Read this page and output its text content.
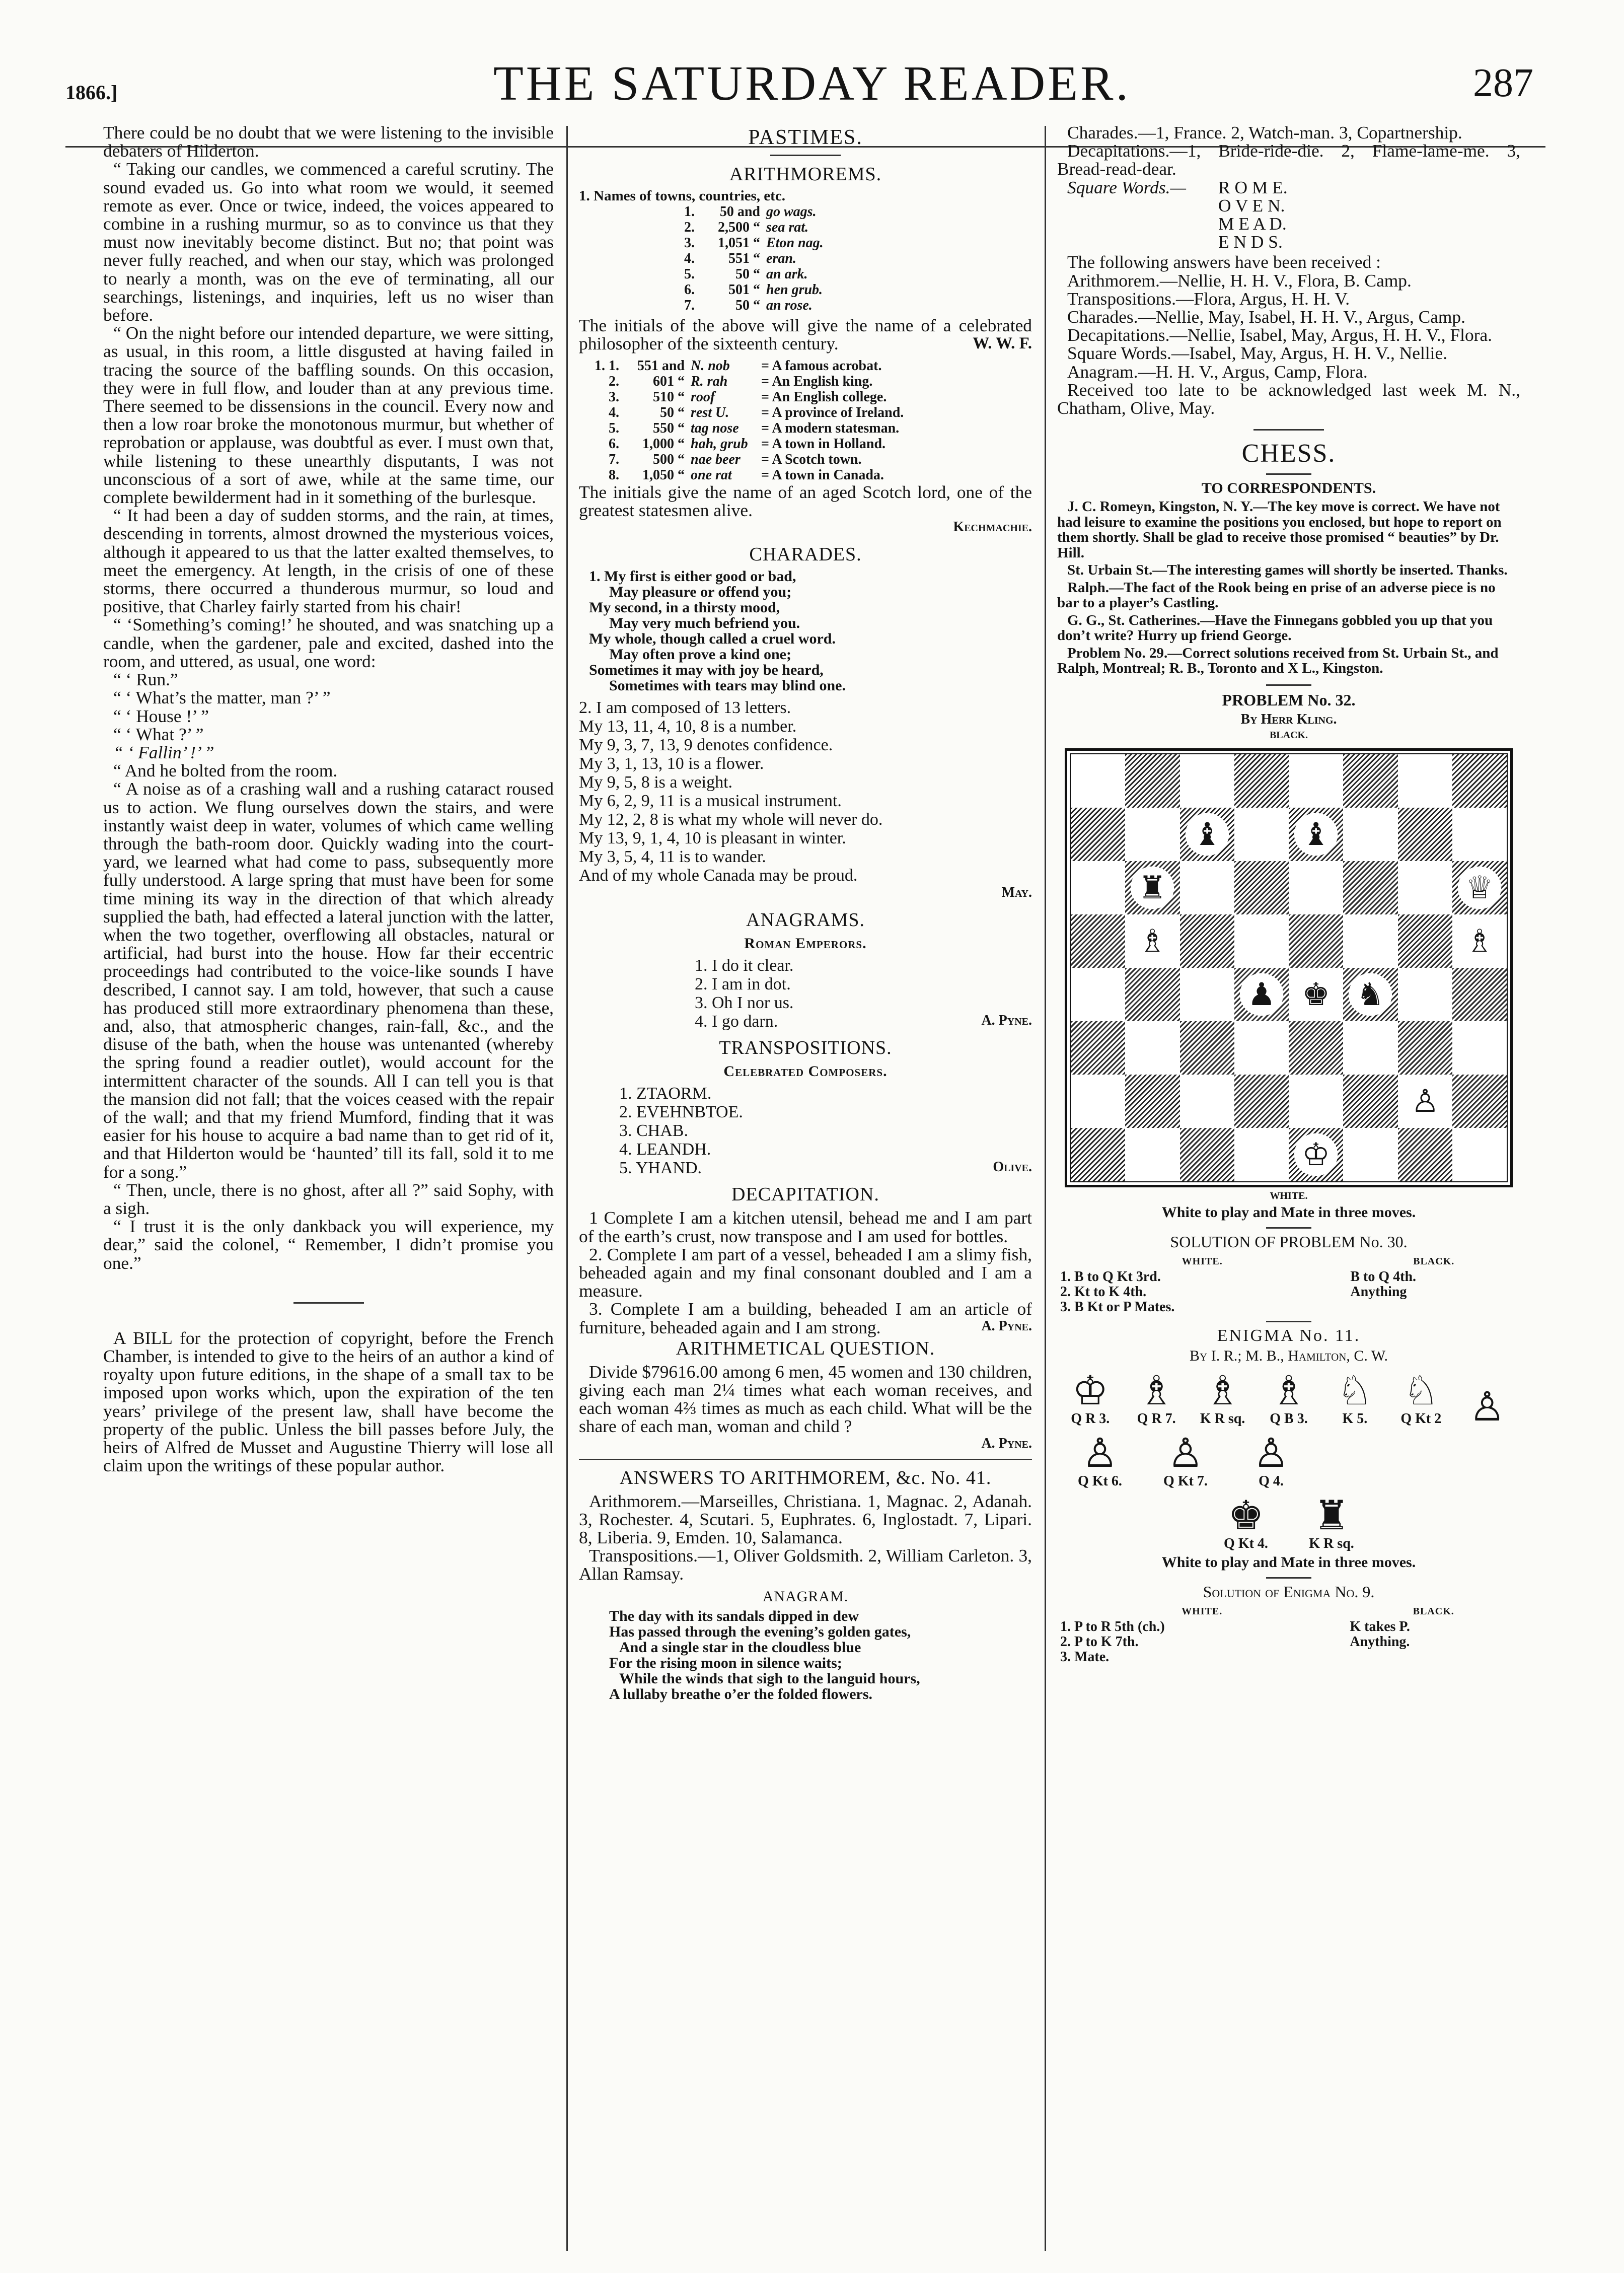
1866.]	THE SATURDAY READER.	287

There could be no doubt that we were listening to the invisible debaters of Hilderton.

“ Taking our candles, we commenced a careful scrutiny. The sound evaded us. Go into what room we would, it seemed remote as ever. Once or twice, indeed, the voices appeared to combine in a rushing murmur, so as to convince us that they must now inevitably become distinct. But no; that point was never fully reached, and when our stay, which was prolonged to nearly a month, was on the eve of terminating, all our searchings, listenings, and inquiries, left us no wiser than before.

“ On the night before our intended departure, we were sitting, as usual, in this room, a little disgusted at having failed in tracing the source of the baffling sounds. On this occasion, they were in full flow, and louder than at any previous time. There seemed to be dissensions in the council. Every now and then a low roar broke the monotonous murmur, but whether of reprobation or applause, was doubtful as ever. I must own that, while listening to these unearthly disputants, I was not unconscious of a sort of awe, while at the same time, our complete bewilderment had in it something of the burlesque.

“ It had been a day of sudden storms, and the rain, at times, descending in torrents, almost drowned the mysterious voices, although it appeared to us that the latter exalted themselves, to meet the emergency. At length, in the crisis of one of these storms, there occurred a thunderous murmur, so loud and positive, that Charley fairly started from his chair!

“ ‘Something’s coming!’ he shouted, and was snatching up a candle, when the gardener, pale and excited, dashed into the room, and uttered, as usual, one word:

“ ‘ Run.”

“ ‘ What’s the matter, man ?’ ”

“ ‘ House !’ ”

“ ‘ What ?’ ”

“ ‘ Fallin’ !’ ”

“ And he bolted from the room.

“ A noise as of a crashing wall and a rushing cataract roused us to action. We flung ourselves down the stairs, and were instantly waist deep in water, volumes of which came welling through the bath-room door. Quickly wading into the court-yard, we learned what had come to pass, subsequently more fully understood. A large spring that must have been for some time mining its way in the direction of that which already supplied the bath, had effected a lateral junction with the latter, when the two together, overflowing all obstacles, natural or artificial, had burst into the house. How far their eccentric proceedings had contributed to the voice-like sounds I have described, I cannot say. I am told, however, that such a cause has produced still more extraordinary phenomena than these, and, also, that atmospheric changes, rain-fall, &c., and the disuse of the bath, when the house was untenanted (whereby the spring found a readier outlet), would account for the intermittent character of the sounds. All I can tell you is that the mansion did not fall; that the voices ceased with the repair of the wall; and that my friend Mumford, finding that it was easier for his house to acquire a bad name than to get rid of it, and that Hilderton would be ‘haunted’ till its fall, sold it to me for a song.”

“ Then, uncle, there is no ghost, after all ?” said Sophy, with a sigh.

“ I trust it is the only dankback you will experience, my dear,” said the colonel, “ Remember, I didn’t promise you one.”

A BILL for the protection of copyright, before the French Chamber, is intended to give to the heirs of an author a kind of royalty upon future editions, in the shape of a small tax to be imposed upon works which, upon the expiration of the ten years’ privilege of the present law, shall have become the property of the public. Unless the bill passes before July, the heirs of Alfred de Musset and Augustine Thierry will lose all claim upon the writings of these popular author.

PASTIMES.
ARITHMOREMS.

1. Names of towns, countries, etc.

1.	50 and go wags.
2.	2,500 “ sea rat.
3.	1,051 “ Eton nag.
4.	551 “ eran.
5.	50 “ an ark.
6.	501 “ hen grub.
7.	50 “ an rose.

The initials of the above will give the name of a celebrated philosopher of the sixteenth century.	W. W. F.

1. 1.	551 and N. nob	= A famous acrobat.
2.	601 “ R. rah	= An English king.
3.	510 “ roof	= An English college.
4.	50 “ rest U.	= A province of Ireland.
5.	550 “ tag nose	= A modern statesman.
6.	1,000 “ hah, grub = A town in Holland.
7.	500 “ nae beer	= A Scotch town.
8.	1,050 “ one rat	= A town in Canada.

The initials give the name of an aged Scotch lord, one of the greatest statesmen alive.

Kechmachie.

CHARADES.

1. My first is either good or bad,

May pleasure or offend you;

My second, in a thirsty mood,

May very much befriend you.

My whole, though called a cruel word.

May often prove a kind one;

Sometimes it may with joy be heard,

Sometimes with tears may blind one.

2. I am composed of 13 letters.

My 13, 11, 4, 10, 8 is a number.

My 9, 3, 7, 13, 9 denotes confidence.

My 3, 1, 13, 10 is a flower.

My 9, 5, 8 is a weight.

My 6, 2, 9, 11 is a musical instrument.

My 12, 2, 8 is what my whole will never do.

My 13, 9, 1, 4, 10 is pleasant in winter.

My 3, 5, 4, 11 is to wander.

And of my whole Canada may be proud.

May.

ANAGRAMS.
Roman Emperors.

1. I do it clear.

2. I am in dot.

3. Oh I nor us.

4. I go darn.	A. Pyne.

TRANSPOSITIONS.
Celebrated Composers.

1. ZTAORM.

2. EVEHNBTOE.

3. CHAB.

4. LEANDH.

5. YHAND.	Olive.

DECAPITATION.

1 Complete I am a kitchen utensil, behead me and I am part of the earth’s crust, now transpose and I am used for bottles.

2. Complete I am part of a vessel, beheaded I am a slimy fish, beheaded again and my final consonant doubled and I am a measure.

3. Complete I am a building, beheaded I am an article of furniture, beheaded again and I am strong.	A. Pyne.

ARITHMETICAL QUESTION.

Divide $79616.00 among 6 men, 45 women and 130 children, giving each man 2¼ times what each woman receives, and each woman 4⅔ times as much as each child. What will be the share of each man, woman and child ?

A. Pyne.

ANSWERS TO ARITHMOREM, &c. No. 41.

Arithmorem.—Marseilles, Christiana. 1, Magnac. 2, Adanah. 3, Rochester. 4, Scutari. 5, Euphrates. 6, Inglostadt. 7, Lipari. 8, Liberia. 9, Emden. 10, Salamanca.

Transpositions.—1, Oliver Goldsmith. 2, William Carleton. 3, Allan Ramsay.

ANAGRAM.

The day with its sandals dipped in dew

Has passed through the evening’s golden gates,

And a single star in the cloudless blue

For the rising moon in silence waits;

While the winds that sigh to the languid hours,

A lullaby breathe o’er the folded flowers.

Charades.—1, France. 2, Watch-man. 3, Copartnership.

Decapitations.—1, Bride-ride-die. 2, Flame-lame-me. 3, Bread-read-dear.

Square Words.—	R O M E.

O V E N.

M E A D.

E N D S.

The following answers have been received :

Arithmorem.—Nellie, H. H. V., Flora, B. Camp.

Transpositions.—Flora, Argus, H. H. V.

Charades.—Nellie, May, Isabel, H. H. V., Argus, Camp.

Decapitations.—Nellie, Isabel, May, Argus, H. H. V., Flora.

Square Words.—Isabel, May, Argus, H. H. V., Nellie.

Anagram.—H. H. V., Argus, Camp, Flora.

Received too late to be acknowledged last week M. N., Chatham, Olive, May.

CHESS.
TO CORRESPONDENTS.

J. C. Romeyn, Kingston, N. Y.—The key move is correct. We have not had leisure to examine the positions you enclosed, but hope to report on them shortly. Shall be glad to receive those promised “ beauties” by Dr. Hill.

St. Urbain St.—The interesting games will shortly be inserted. Thanks.

Ralph.—The fact of the Rook being en prise of an adverse piece is no bar to a player’s Castling.

G. G., St. Catherines.—Have the Finnegans gobbled you up that you don’t write? Hurry up friend George.

Problem No. 29.—Correct solutions received from St. Urbain St., and Ralph, Montreal; R. B., Toronto and X L., Kingston.

PROBLEM No. 32.
By Herr Kling.
BLACK.
♝ ♝
♜	♕
♗	♗
♟ ♚ ♞
♙
♔
WHITE.
White to play and Mate in three moves.
SOLUTION OF PROBLEM No. 30.
WHITE.	BLACK.
1. B to Q Kt 3rd.	B to Q 4th.
2. Kt to K 4th.	Anything
3. B Kt or P Mates.	
ENIGMA No. 11.
By I. R.; M. B., Hamilton, C. W.
♔
Q R 3.
♗
Q R 7.
♗
K R sq.
♗
Q B 3.
♘
K 5.
♘
Q Kt 2 ♙
♙
Q Kt 6.
♙
Q Kt 7.
♙
Q 4.
♚
Q Kt 4.
♜
K R sq.
White to play and Mate in three moves.
Solution of Enigma No. 9.
WHITE.	BLACK.
1. P to R 5th (ch.)	K takes P.
2. P to K 7th.	Anything.
3. Mate.	
